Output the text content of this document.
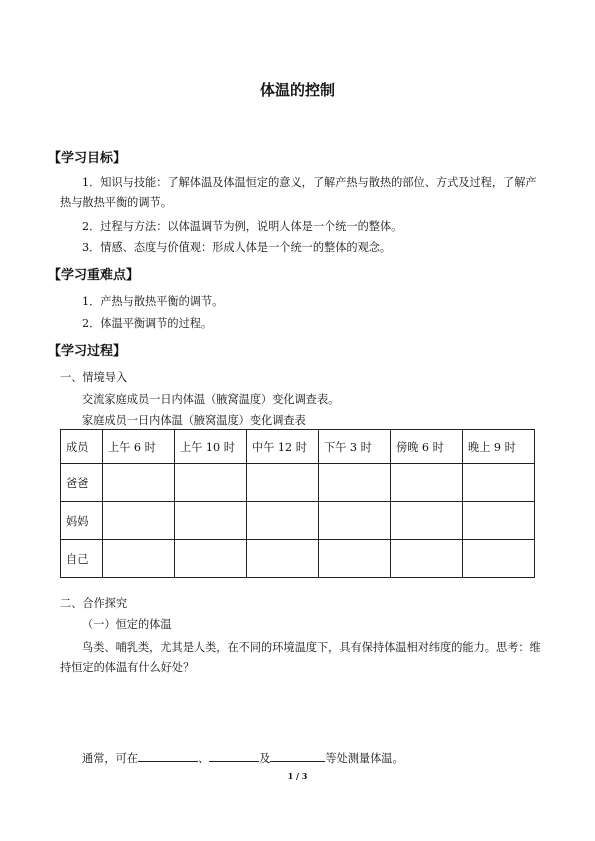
体温的控制
【学习目标】
1．知识与技能：了解体温及体温恒定的意义，了解产热与散热的部位、方式及过程，了解产热与散热平衡的调节。
2．过程与方法：以体温调节为例，说明人体是一个统一的整体。
3．情感、态度与价值观：形成人体是一个统一的整体的观念。
【学习重难点】
1．产热与散热平衡的调节。
2．体温平衡调节的过程。
【学习过程】
一、情境导入
交流家庭成员一日内体温（腋窝温度）变化调查表。
家庭成员一日内体温（腋窝温度）变化调查表
成员	上午 6 时	上午 10 时	中午 12 时	下午 3 时	傍晚 6 时	晚上 9 时
爸爸						
妈妈						
自己						
二、合作探究
（一）恒定的体温
鸟类、哺乳类，尤其是人类，在不同的环境温度下，具有保持体温相对纬度的能力。思考：维持恒定的体温有什么好处？
通常，可在	、	及	等处测量体温。
1 / 3
